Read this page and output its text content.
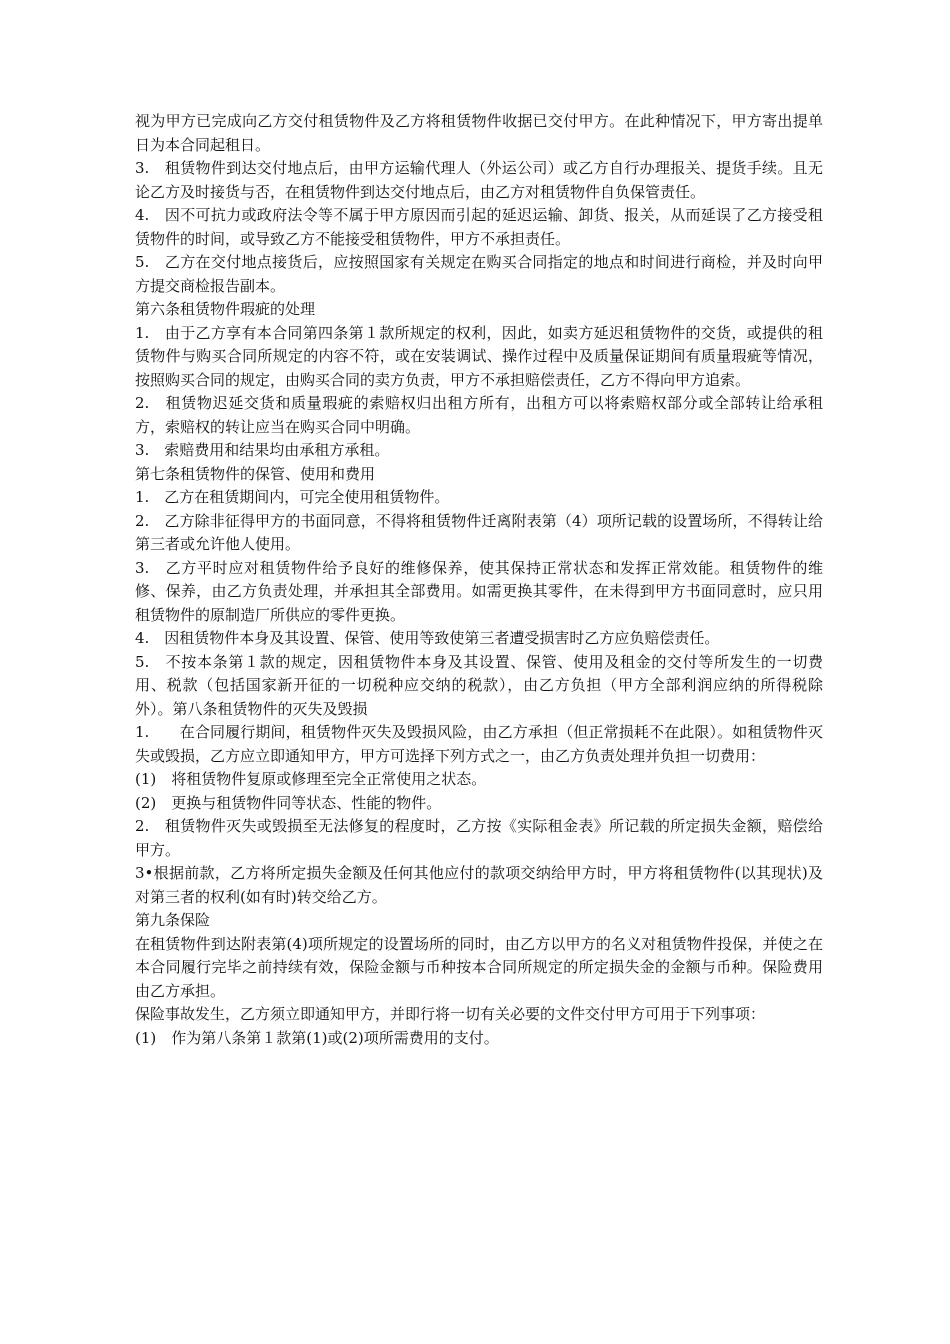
视为甲方已完成向乙方交付租赁物件及乙方将租赁物件收据已交付甲方。在此种情况下，甲方寄出提单日为本合同起租日。

3.　租赁物件到达交付地点后，由甲方运输代理人（外运公司）或乙方自行办理报关、提货手续。且无论乙方及时接货与否，在租赁物件到达交付地点后，由乙方对租赁物件自负保管责任。

4.　因不可抗力或政府法令等不属于甲方原因而引起的延迟运输、卸货、报关，从而延误了乙方接受租赁物件的时间，或导致乙方不能接受租赁物件，甲方不承担责任。

5.　乙方在交付地点接货后，应按照国家有关规定在购买合同指定的地点和时间进行商检，并及时向甲方提交商检报告副本。

第六条租赁物件瑕疵的处理

1.　由于乙方享有本合同第四条第１款所规定的权利，因此，如卖方延迟租赁物件的交货，或提供的租赁物件与购买合同所规定的内容不符，或在安装调试、操作过程中及质量保证期间有质量瑕疵等情况，按照购买合同的规定，由购买合同的卖方负责，甲方不承担赔偿责任，乙方不得向甲方追索。

2.　租赁物迟延交货和质量瑕疵的索赔权归出租方所有，出租方可以将索赔权部分或全部转让给承租方，索赔权的转让应当在购买合同中明确。

3.　索赔费用和结果均由承租方承租。

第七条租赁物件的保管、使用和费用

1.　乙方在租赁期间内，可完全使用租赁物件。

2.　乙方除非征得甲方的书面同意，不得将租赁物件迁离附表第（4）项所记载的设置场所，不得转让给第三者或允许他人使用。

3.　乙方平时应对租赁物件给予良好的维修保养，使其保持正常状态和发挥正常效能。租赁物件的维修、保养，由乙方负责处理，并承担其全部费用。如需更换其零件，在未得到甲方书面同意时，应只用租赁物件的原制造厂所供应的零件更换。

4.　因租赁物件本身及其设置、保管、使用等致使第三者遭受损害时乙方应负赔偿责任。

5.　不按本条第１款的规定，因租赁物件本身及其设置、保管、使用及租金的交付等所发生的一切费用、税款（包括国家新开征的一切税种应交纳的税款），由乙方负担（甲方全部利润应纳的所得税除外）。第八条租赁物件的灭失及毁损

1.　　在合同履行期间，租赁物件灭失及毁损风险，由乙方承担（但正常损耗不在此限）。如租赁物件灭失或毁损，乙方应立即通知甲方，甲方可选择下列方式之一，由乙方负责处理并负担一切费用：

(1)　将租赁物件复原或修理至完全正常使用之状态。

(2)　更换与租赁物件同等状态、性能的物件。

2.　租赁物件灭失或毁损至无法修复的程度时，乙方按《实际租金表》所记载的所定损失金额，赔偿给甲方。

3•根据前款，乙方将所定损失金额及任何其他应付的款项交纳给甲方时，甲方将租赁物件(以其现状)及对第三者的权利(如有时)转交给乙方。

第九条保险

在租赁物件到达附表第(4)项所规定的设置场所的同时，由乙方以甲方的名义对租赁物件投保，并使之在本合同履行完毕之前持续有效，保险金额与币种按本合同所规定的所定损失金的金额与币种。保险费用由乙方承担。

保险事故发生，乙方须立即通知甲方，并即行将一切有关必要的文件交付甲方可用于下列事项：

(1)　作为第八条第１款第(1)或(2)项所需费用的支付。
